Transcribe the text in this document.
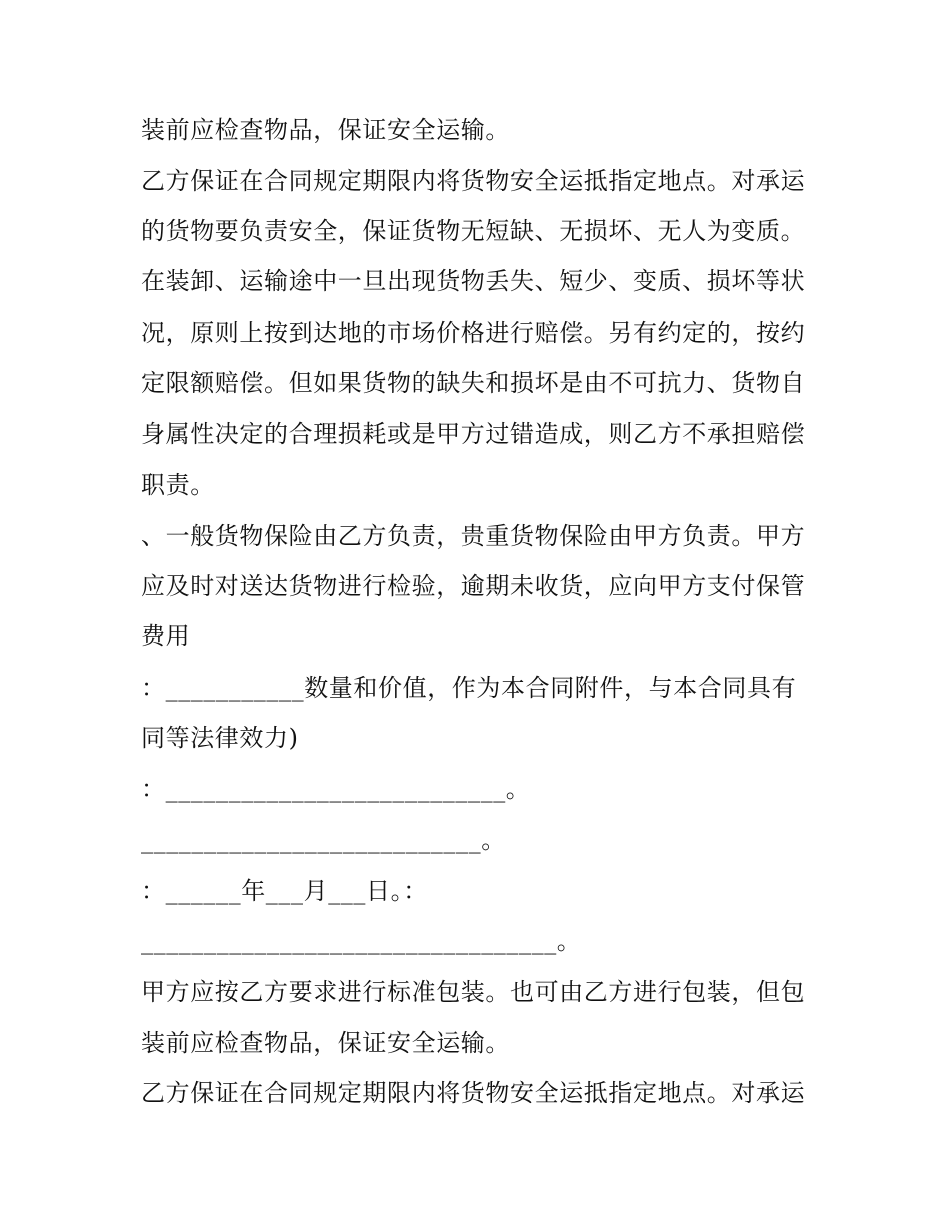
装前应检查物品，保证安全运输。
乙方保证在合同规定期限内将货物安全运抵指定地点。对承运
的货物要负责安全，保证货物无短缺、无损坏、无人为变质。
在装卸、运输途中一旦出现货物丢失、短少、变质、损坏等状
况，原则上按到达地的市场价格进行赔偿。另有约定的，按约
定限额赔偿。但如果货物的缺失和损坏是由不可抗力、货物自
身属性决定的合理损耗或是甲方过错造成，则乙方不承担赔偿
职责。
、一般货物保险由乙方负责，贵重货物保险由甲方负责。甲方
应及时对送达货物进行检验，逾期未收货，应向甲方支付保管
费用
：___________数量和价值，作为本合同附件，与本合同具有
同等法律效力)
：___________________________。
___________________________。
：______年___月___日。：
_________________________________。
甲方应按乙方要求进行标准包装。也可由乙方进行包装，但包
装前应检查物品，保证安全运输。
乙方保证在合同规定期限内将货物安全运抵指定地点。对承运
